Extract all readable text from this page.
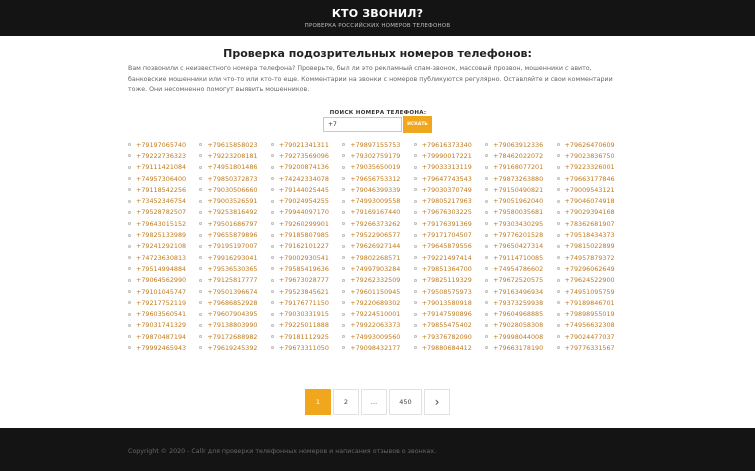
КТО ЗВОНИЛ?
ПРОВЕРКА РОССИЙСКИХ НОМЕРОВ ТЕЛЕФОНОВ
Проверка подозрительных номеров телефонов:

Вам позвонили с неизвестного номера телефона? Проверьте, был ли это рекламный спам-звонок, массовый прозвон, мошенники с авито, банковские мошенники или что-то или кто-то еще. Комментарии на звонки с номеров публикуются регулярно. Оставляйте и свои комментарии тоже. Они несомненно помогут выявить мошенников.

ПОИСК НОМЕРА ТЕЛЕФОНА:
+7
ИСКАТЬ
+79197065740	+79615858023	+79021341311	+79897155753	+79616373340	+79063912336	+79626470609
+79222736323	+79223208181	+79273569096	+79302759179	+79990017221	+78462022072	+79023836750
+79111421084	+74951801486	+79200874136	+79035650019	+79033313119	+79168077201	+79223326001
+74957306400	+79850372873	+74242334078	+79656753312	+79647743543	+79873263880	+79663177846
+79118542256	+79030506660	+79144025445	+79046399339	+79030370749	+79150490821	+79009543121
+73452346754	+79003526591	+79024954255	+74993009558	+79805217963	+79051962040	+79046074918
+79528782507	+79253816492	+79944097170	+79169167440	+79676303225	+79580035681	+79029394168
+79643015152	+79501686797	+79260299901	+79266373262	+79176391369	+79303430295	+78362681907
+79825133989	+79655879896	+79185807985	+79522906577	+79171704507	+79776201528	+79518434373
+79241292108	+79195197007	+79162101227	+79626927144	+79645879556	+79650427314	+79815022899
+74723630813	+79916293041	+79002930541	+79802268571	+79221497414	+79114710085	+74957879372
+79514994884	+79536530365	+79585419636	+74997903284	+79851364700	+74954786602	+79296062649
+79064562990	+79125817777	+79673028777	+79262332509	+79825119329	+79672520575	+79624522900
+79101045747	+79501396674	+79523845621	+79601150945	+79508575973	+79163496934	+74951095759
+79217752119	+79686852928	+79176771150	+79220689302	+79013580918	+79373259938	+79189846701
+79603560541	+79607904395	+79030331915	+79224510001	+79147590896	+79604968885	+79898955019
+79031741329	+79138803990	+79225011888	+79922063373	+79855475402	+79028058308	+74956632308
+79870487194	+79172688982	+79181112925	+74993009560	+79376782090	+79998044008	+79024477037
+79992465943	+79619245392	+79673311050	+79098432177	+79880684412	+79663178190	+79776331567
1	2	…	450	›
Copyright © 2020 - Callr для проверки телефонных номеров и написания отзывов о звонках.
